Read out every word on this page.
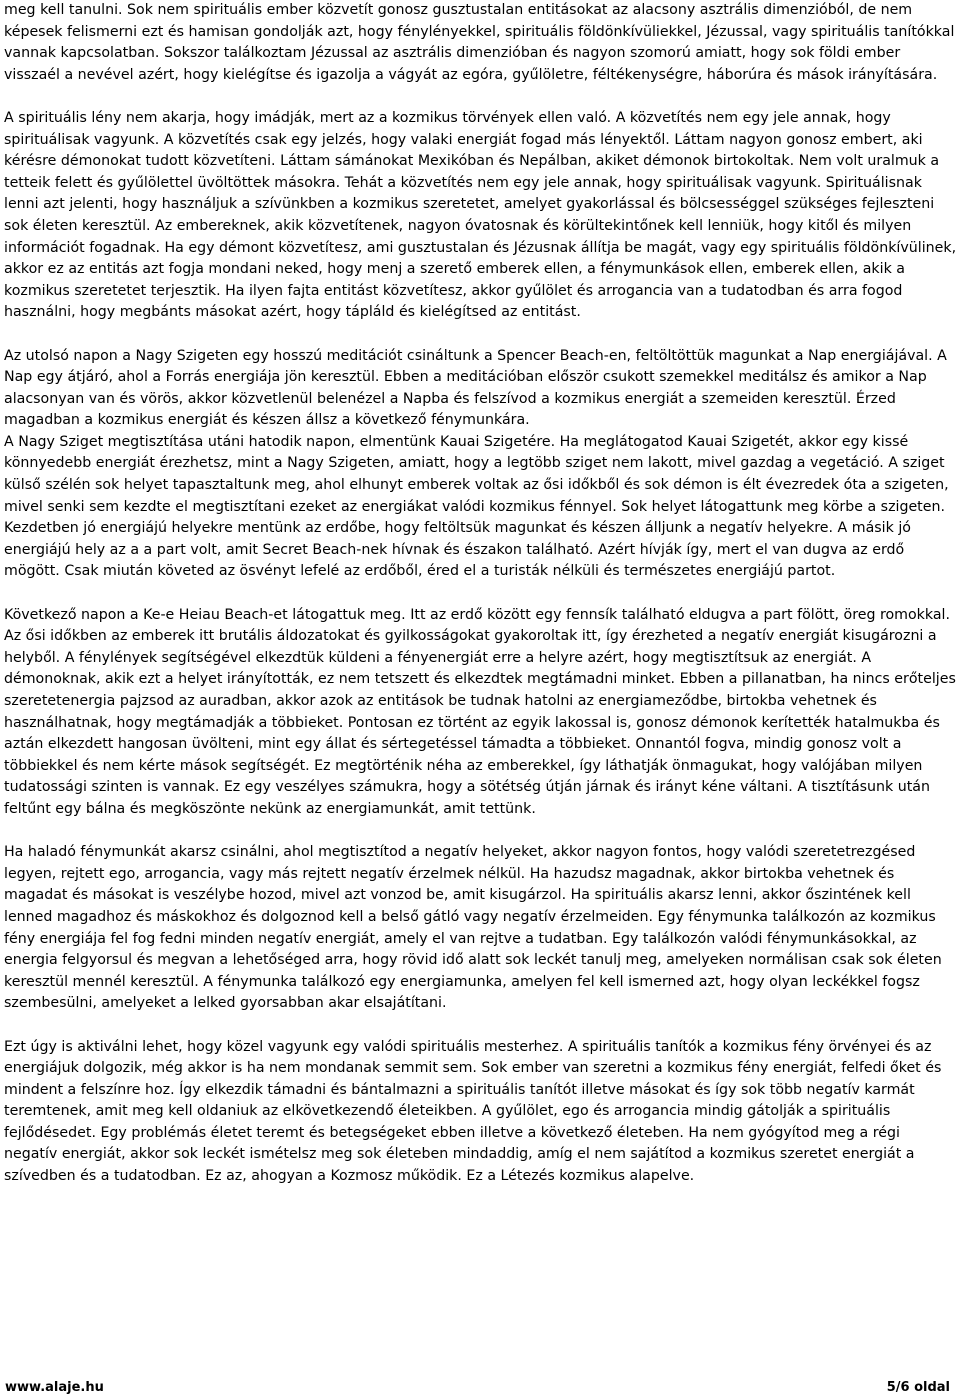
meg kell tanulni. Sok nem spirituális ember közvetít gonosz gusztustalan entitásokat az alacsony asztrális dimenzióból, de nem képesek felismerni ezt és hamisan gondolják azt, hogy fénylényekkel, spirituális földönkívüliekkel, Jézussal, vagy spirituális tanítókkal vannak kapcsolatban. Sokszor találkoztam Jézussal az asztrális dimenzióban és nagyon szomorú amiatt, hogy sok földi ember visszaél a nevével azért, hogy kielégítse és igazolja a vágyát az egóra, gyűlöletre, féltékenységre, háborúra és mások irányítására.

A spirituális lény nem akarja, hogy imádják, mert az a kozmikus törvények ellen való. A közvetítés nem egy jele annak, hogy spirituálisak vagyunk. A közvetítés csak egy jelzés, hogy valaki energiát fogad más lényektől. Láttam nagyon gonosz embert, aki kérésre démonokat tudott közvetíteni. Láttam sámánokat Mexikóban és Nepálban, akiket démonok birtokoltak. Nem volt uralmuk a tetteik felett és gyűlölettel üvöltöttek másokra. Tehát a közvetítés nem egy jele annak, hogy spirituálisak vagyunk. Spirituálisnak lenni azt jelenti, hogy használjuk a szívünkben a kozmikus szeretetet, amelyet gyakorlással és bölcsességgel szükséges fejleszteni sok életen keresztül. Az embereknek, akik közvetítenek, nagyon óvatosnak és körültekintőnek kell lenniük, hogy kitől és milyen információt fogadnak. Ha egy démont közvetítesz, ami gusztustalan és Jézusnak állítja be magát, vagy egy spirituális földönkívülinek, akkor ez az entitás azt fogja mondani neked, hogy menj a szerető emberek ellen, a fénymunkások ellen, emberek ellen, akik a kozmikus szeretetet terjesztik. Ha ilyen fajta entitást közvetítesz, akkor gyűlölet és arrogancia van a tudatodban és arra fogod használni, hogy megbánts másokat azért, hogy tápláld és kielégítsed az entitást.

Az utolsó napon a Nagy Szigeten egy hosszú meditációt csináltunk a Spencer Beach-en, feltöltöttük magunkat a Nap energiájával. A Nap egy átjáró, ahol a Forrás energiája jön keresztül. Ebben a meditációban először csukott szemekkel meditálsz és amikor a Nap alacsonyan van és vörös, akkor közvetlenül belenézel a Napba és felszívod a kozmikus energiát a szemeiden keresztül. Érzed magadban a kozmikus energiát és készen állsz a következő fénymunkára.

A Nagy Sziget megtisztítása utáni hatodik napon, elmentünk Kauai Szigetére. Ha meglátogatod Kauai Szigetét, akkor egy kissé könnyedebb energiát érezhetsz, mint a Nagy Szigeten, amiatt, hogy a legtöbb sziget nem lakott, mivel gazdag a vegetáció. A sziget külső szélén sok helyet tapasztaltunk meg, ahol elhunyt emberek voltak az ősi időkből és sok démon is élt évezredek óta a szigeten, mivel senki sem kezdte el megtisztítani ezeket az energiákat valódi kozmikus fénnyel. Sok helyet látogattunk meg körbe a szigeten. Kezdetben jó energiájú helyekre mentünk az erdőbe, hogy feltöltsük magunkat és készen álljunk a negatív helyekre. A másik jó energiájú hely az a a part volt, amit Secret Beach-nek hívnak és északon található. Azért hívják így, mert el van dugva az erdő mögött. Csak miután követed az ösvényt lefelé az erdőből, éred el a turisták nélküli és természetes energiájú partot.

Következő napon a Ke-e Heiau Beach-et látogattuk meg. Itt az erdő között egy fennsík található eldugva a part fölött, öreg romokkal. Az ősi időkben az emberek itt brutális áldozatokat és gyilkosságokat gyakoroltak itt, így érezheted a negatív energiát kisugározni a helyből. A fénylények segítségével elkezdtük küldeni a fényenergiát erre a helyre azért, hogy megtisztítsuk az energiát. A démonoknak, akik ezt a helyet irányították, ez nem tetszett és elkezdtek megtámadni minket. Ebben a pillanatban, ha nincs erőteljes szeretetenergia pajzsod az auradban, akkor azok az entitások be tudnak hatolni az energiameződbe, birtokba vehetnek és használhatnak, hogy megtámadják a többieket. Pontosan ez történt az egyik lakossal is, gonosz démonok kerítették hatalmukba és aztán elkezdett hangosan üvölteni, mint egy állat és sértegetéssel támadta a többieket. Onnantól fogva, mindig gonosz volt a többiekkel és nem kérte mások segítségét. Ez megtörténik néha az emberekkel, így láthatják önmagukat, hogy valójában milyen tudatossági szinten is vannak. Ez egy veszélyes számukra, hogy a sötétség útján járnak és irányt kéne váltani. A tisztításunk után feltűnt egy bálna és megköszönte nekünk az energiamunkát, amit tettünk.

Ha haladó fénymunkát akarsz csinálni, ahol megtisztítod a negatív helyeket, akkor nagyon fontos, hogy valódi szeretetrezgésed legyen, rejtett ego, arrogancia, vagy más rejtett negatív érzelmek nélkül. Ha hazudsz magadnak, akkor birtokba vehetnek és magadat és másokat is veszélybe hozod, mivel azt vonzod be, amit kisugárzol. Ha spirituális akarsz lenni, akkor őszintének kell lenned magadhoz és máskokhoz és dolgoznod kell a belső gátló vagy negatív érzelmeiden. Egy fénymunka találkozón az kozmikus fény energiája fel fog fedni minden negatív energiát, amely el van rejtve a tudatban. Egy találkozón valódi fénymunkásokkal, az energia felgyorsul és megvan a lehetőséged arra, hogy rövid idő alatt sok leckét tanulj meg, amelyeken normálisan csak sok életen keresztül mennél keresztül. A fénymunka találkozó egy energiamunka, amelyen fel kell ismerned azt, hogy olyan leckékkel fogsz szembesülni, amelyeket a lelked gyorsabban akar elsajátítani.

Ezt úgy is aktiválni lehet, hogy közel vagyunk egy valódi spirituális mesterhez. A spirituális tanítók a kozmikus fény örvényei és az energiájuk dolgozik, még akkor is ha nem mondanak semmit sem. Sok ember van szeretni a kozmikus fény energiát, felfedi őket és mindent a felszínre hoz. Így elkezdik támadni és bántalmazni a spirituális tanítót illetve másokat és így sok több negatív karmát teremtenek, amit meg kell oldaniuk az elkövetkezendő életeikben. A gyűlölet, ego és arrogancia mindig gátolják a spirituális fejlődésedet. Egy problémás életet teremt és betegségeket ebben illetve a következő életeben. Ha nem gyógyítod meg a régi negatív energiát, akkor sok leckét ismételsz meg sok életeben mindaddig, amíg el nem sajátítod a kozmikus szeretet energiát a szívedben és a tudatodban. Ez az, ahogyan a Kozmosz működik. Ez a Létezés kozmikus alapelve.

www.alaje.hu	5/6 oldal
